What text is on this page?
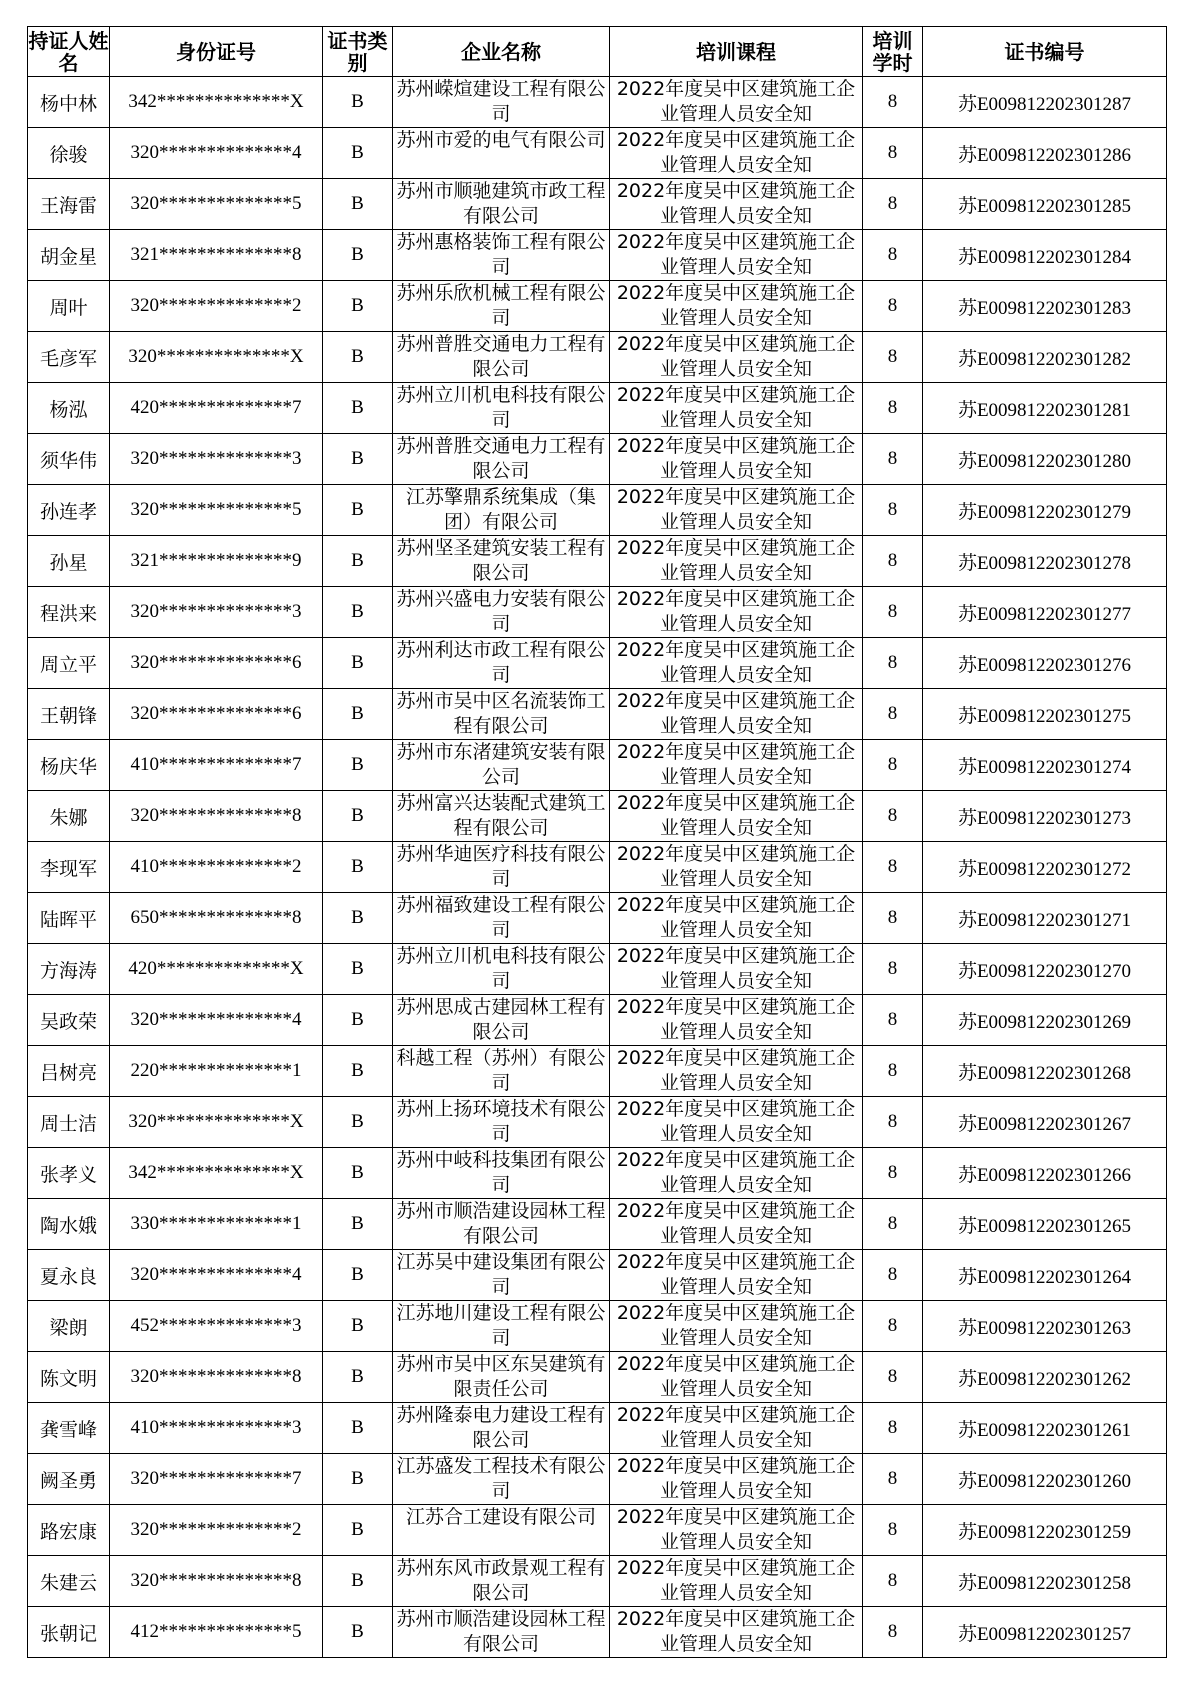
持证人姓名	身份证号	证书类别	企业名称	培训课程	培训学时	证书编号
杨中林	342**************X	B	苏州嵘煊建设工程有限公司	2022年度吴中区建筑施工企业管理人员安全知	8	苏E009812202301287
徐骏	320**************4	B	苏州市爱的电气有限公司	2022年度吴中区建筑施工企业管理人员安全知	8	苏E009812202301286
王海雷	320**************5	B	苏州市顺驰建筑市政工程有限公司	2022年度吴中区建筑施工企业管理人员安全知	8	苏E009812202301285
胡金星	321**************8	B	苏州惠格装饰工程有限公司	2022年度吴中区建筑施工企业管理人员安全知	8	苏E009812202301284
周叶	320**************2	B	苏州乐欣机械工程有限公司	2022年度吴中区建筑施工企业管理人员安全知	8	苏E009812202301283
毛彦军	320**************X	B	苏州普胜交通电力工程有限公司	2022年度吴中区建筑施工企业管理人员安全知	8	苏E009812202301282
杨泓	420**************7	B	苏州立川机电科技有限公司	2022年度吴中区建筑施工企业管理人员安全知	8	苏E009812202301281
须华伟	320**************3	B	苏州普胜交通电力工程有限公司	2022年度吴中区建筑施工企业管理人员安全知	8	苏E009812202301280
孙连孝	320**************5	B	江苏擎鼎系统集成（集团）有限公司	2022年度吴中区建筑施工企业管理人员安全知	8	苏E009812202301279
孙星	321**************9	B	苏州坚圣建筑安装工程有限公司	2022年度吴中区建筑施工企业管理人员安全知	8	苏E009812202301278
程洪来	320**************3	B	苏州兴盛电力安装有限公司	2022年度吴中区建筑施工企业管理人员安全知	8	苏E009812202301277
周立平	320**************6	B	苏州利达市政工程有限公司	2022年度吴中区建筑施工企业管理人员安全知	8	苏E009812202301276
王朝锋	320**************6	B	苏州市吴中区名流装饰工程有限公司	2022年度吴中区建筑施工企业管理人员安全知	8	苏E009812202301275
杨庆华	410**************7	B	苏州市东渚建筑安装有限公司	2022年度吴中区建筑施工企业管理人员安全知	8	苏E009812202301274
朱娜	320**************8	B	苏州富兴达装配式建筑工程有限公司	2022年度吴中区建筑施工企业管理人员安全知	8	苏E009812202301273
李现军	410**************2	B	苏州华迪医疗科技有限公司	2022年度吴中区建筑施工企业管理人员安全知	8	苏E009812202301272
陆晖平	650**************8	B	苏州福致建设工程有限公司	2022年度吴中区建筑施工企业管理人员安全知	8	苏E009812202301271
方海涛	420**************X	B	苏州立川机电科技有限公司	2022年度吴中区建筑施工企业管理人员安全知	8	苏E009812202301270
吴政荣	320**************4	B	苏州思成古建园林工程有限公司	2022年度吴中区建筑施工企业管理人员安全知	8	苏E009812202301269
吕树亮	220**************1	B	科越工程（苏州）有限公司	2022年度吴中区建筑施工企业管理人员安全知	8	苏E009812202301268
周士洁	320**************X	B	苏州上扬环境技术有限公司	2022年度吴中区建筑施工企业管理人员安全知	8	苏E009812202301267
张孝义	342**************X	B	苏州中岐科技集团有限公司	2022年度吴中区建筑施工企业管理人员安全知	8	苏E009812202301266
陶水娥	330**************1	B	苏州市顺浩建设园林工程有限公司	2022年度吴中区建筑施工企业管理人员安全知	8	苏E009812202301265
夏永良	320**************4	B	江苏吴中建设集团有限公司	2022年度吴中区建筑施工企业管理人员安全知	8	苏E009812202301264
梁朗	452**************3	B	江苏地川建设工程有限公司	2022年度吴中区建筑施工企业管理人员安全知	8	苏E009812202301263
陈文明	320**************8	B	苏州市吴中区东吴建筑有限责任公司	2022年度吴中区建筑施工企业管理人员安全知	8	苏E009812202301262
龚雪峰	410**************3	B	苏州隆泰电力建设工程有限公司	2022年度吴中区建筑施工企业管理人员安全知	8	苏E009812202301261
阙圣勇	320**************7	B	江苏盛发工程技术有限公司	2022年度吴中区建筑施工企业管理人员安全知	8	苏E009812202301260
路宏康	320**************2	B	江苏合工建设有限公司	2022年度吴中区建筑施工企业管理人员安全知	8	苏E009812202301259
朱建云	320**************8	B	苏州东风市政景观工程有限公司	2022年度吴中区建筑施工企业管理人员安全知	8	苏E009812202301258
张朝记	412**************5	B	苏州市顺浩建设园林工程有限公司	2022年度吴中区建筑施工企业管理人员安全知	8	苏E009812202301257
